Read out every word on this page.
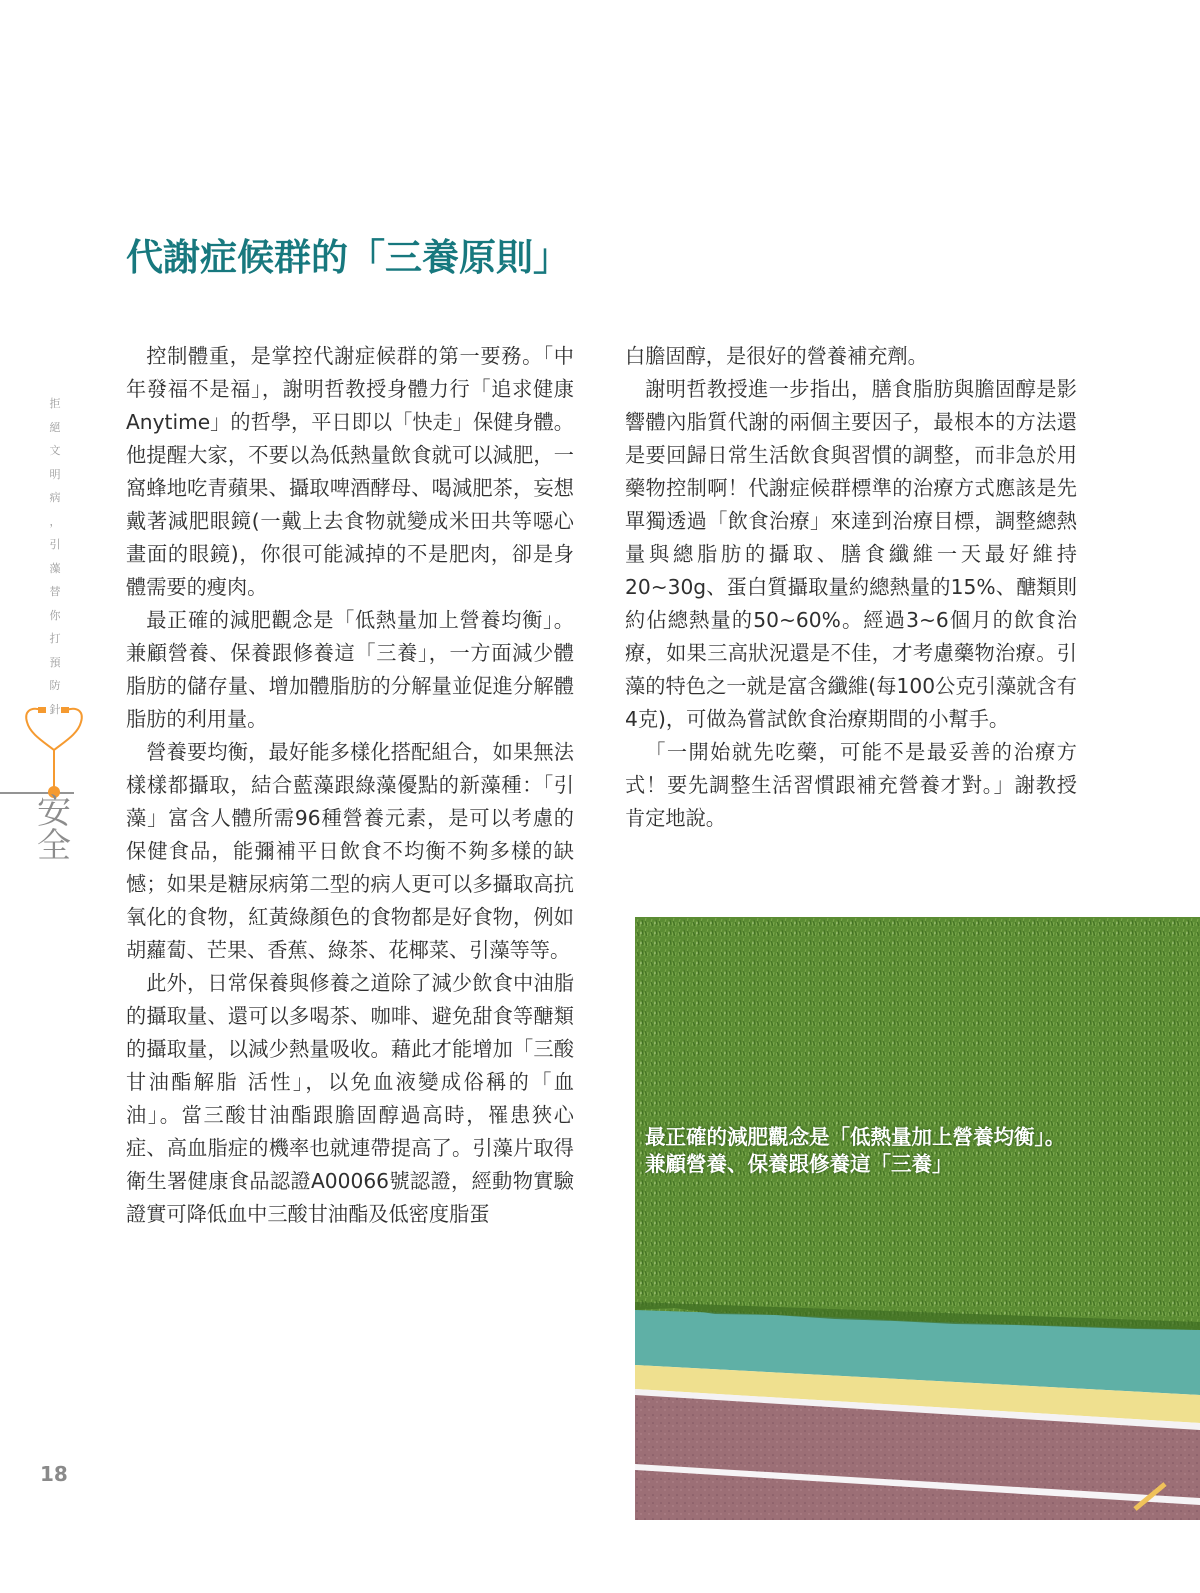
代謝症候群的「三養原則」
拒
絕
文
明
病
，
引
藻
替
你
打
預
防
針
安
全

控制體重，是掌控代謝症候群的第一要務。「中年發福不是福」，謝明哲教授身體力行「追求健康Anytime」的哲學，平日即以「快走」保健身體。他提醒大家，不要以為低熱量飲食就可以減肥，一窩蜂地吃青蘋果、攝取啤酒酵母、喝減肥茶，妄想戴著減肥眼鏡(一戴上去食物就變成米田共等噁心畫面的眼鏡)，你很可能減掉的不是肥肉，卻是身體需要的瘦肉。

最正確的減肥觀念是「低熱量加上營養均衡」。兼顧營養、保養跟修養這「三養」，一方面減少體脂肪的儲存量、增加體脂肪的分解量並促進分解體脂肪的利用量。

營養要均衡，最好能多樣化搭配組合，如果無法樣樣都攝取，結合藍藻跟綠藻優點的新藻種：「引藻」富含人體所需96種營養元素，是可以考慮的保健食品，能彌補平日飲食不均衡不夠多樣的缺憾；如果是糖尿病第二型的病人更可以多攝取高抗氧化的食物，紅黃綠顏色的食物都是好食物，例如胡蘿蔔、芒果、香蕉、綠茶、花椰菜、引藻等等。

此外，日常保養與修養之道除了減少飲食中油脂的攝取量、還可以多喝茶、咖啡、避免甜食等醣類的攝取量，以減少熱量吸收。藉此才能增加「三酸甘油酯解脂 活性」，以免血液變成俗稱的「血油」。當三酸甘油酯跟膽固醇過高時，罹患狹心症、高血脂症的機率也就連帶提高了。引藻片取得衛生署健康食品認證A00066號認證，經動物實驗證實可降低血中三酸甘油酯及低密度脂蛋

白膽固醇，是很好的營養補充劑。

謝明哲教授進一步指出，膳食脂肪與膽固醇是影響體內脂質代謝的兩個主要因子，最根本的方法還是要回歸日常生活飲食與習慣的調整，而非急於用藥物控制啊！代謝症候群標準的治療方式應該是先單獨透過「飲食治療」來達到治療目標，調整總熱量與總脂肪的攝取、膳食纖維一天最好維持20~30g、蛋白質攝取量約總熱量的15%、醣類則約佔總熱量的50~60%。經過3~6個月的飲食治療，如果三高狀況還是不佳，才考慮藥物治療。引藻的特色之一就是富含纖維(每100公克引藻就含有4克)，可做為嘗試飲食治療期間的小幫手。

「一開始就先吃藥，可能不是最妥善的治療方式！要先調整生活習慣跟補充營養才對。」謝教授肯定地說。

最正確的減肥觀念是「低熱量加上營養均衡」。
兼顧營養、保養跟修養這「三養」
18
